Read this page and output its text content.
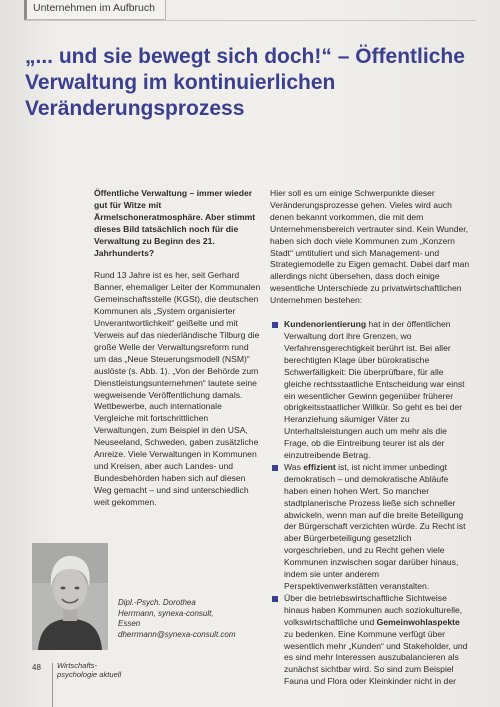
Unternehmen im Aufbruch
„... und sie bewegt sich doch!“ – Öffentliche
Verwaltung im kontinuierlichen
Veränderungsprozess

Öffentliche Verwaltung – immer wieder gut für Witze mit Ärmelschoneratmosphäre. Aber stimmt dieses Bild tatsächlich noch für die Verwaltung zu Beginn des 21. Jahrhunderts?

Rund 13 Jahre ist es her, seit Gerhard Banner, ehemaliger Leiter der Kommunalen Gemeinschaftsstelle (KGSt), die deutschen Kommunen als „System organisierter Unverantwortlichkeit“ geißelte und mit Verweis auf das niederländische Tilburg die große Welle der Verwaltungsreform rund um das „Neue Steuerungsmodell (NSM)“ auslöste (s. Abb. 1). „Von der Behörde zum Dienstleistungsunternehmen“ lautete seine wegweisende Veröffentlichung damals. Wettbewerbe, auch internationale Vergleiche mit fortschrittlichen Verwaltungen, zum Beispiel in den USA, Neuseeland, Schweden, gaben zusätzliche Anreize. Viele Verwaltungen in Kommunen und Kreisen, aber auch Landes- und Bundesbehörden haben sich auf diesen Weg gemacht – und sind unterschiedlich weit gekommen.

Hier soll es um einige Schwerpunkte dieser Veränderungsprozesse gehen. Vieles wird auch denen bekannt vorkommen, die mit dem Unternehmensbereich vertrauter sind. Kein Wunder, haben sich doch viele Kommunen zum „Konzern Stadt“ umtituliert und sich Management- und Strategiemodelle zu Eigen gemacht. Dabei darf man allerdings nicht übersehen, dass doch einige wesentliche Unterschiede zu privatwirtschaftlichen Unternehmen bestehen:

Kundenorientierung hat in der öffentlichen Verwaltung dort ihre Grenzen, wo Verfahrensgerechtigkeit berührt ist. Bei aller berechtigten Klage über bürokratische Schwerfälligkeit: Die überprüfbare, für alle gleiche rechtsstaatliche Entscheidung war einst ein wesentlicher Gewinn gegenüber früherer obrigkeitsstaatlicher Willkür. So geht es bei der Heranziehung säumiger Väter zu Unterhaltsleistungen auch um mehr als die Frage, ob die Eintreibung teurer ist als der einzutreibende Betrag.
Was effizient ist, ist nicht immer unbedingt demokratisch – und demokratische Abläufe haben einen hohen Wert. So mancher stadtplanerische Prozess ließe sich schneller abwickeln, wenn man auf die breite Beteiligung der Bürgerschaft verzichten würde. Zu Recht ist aber Bürgerbeteiligung gesetzlich vorgeschrieben, und zu Recht gehen viele Kommunen inzwischen sogar darüber hinaus, indem sie unter anderem Perspektivenwerkstätten veranstalten.
Über die betriebswirtschaftliche Sichtweise hinaus haben Kommunen auch soziokulturelle, volkswirtschaftliche und Gemeinwohlaspekte zu bedenken. Eine Kommune verfügt über wesentlich mehr „Kunden“ und Stakeholder, und es sind mehr Interessen auszubalancieren als zunächst sichtbar wird. So sind zum Beispiel Fauna und Flora oder Kleinkinder nicht in der
Dipl.-Psych. Dorothea
Herrmann, synexa-consult,
Essen
dherrmann@synexa-consult.com
48 Wirtschafts-
psychologie aktuell
